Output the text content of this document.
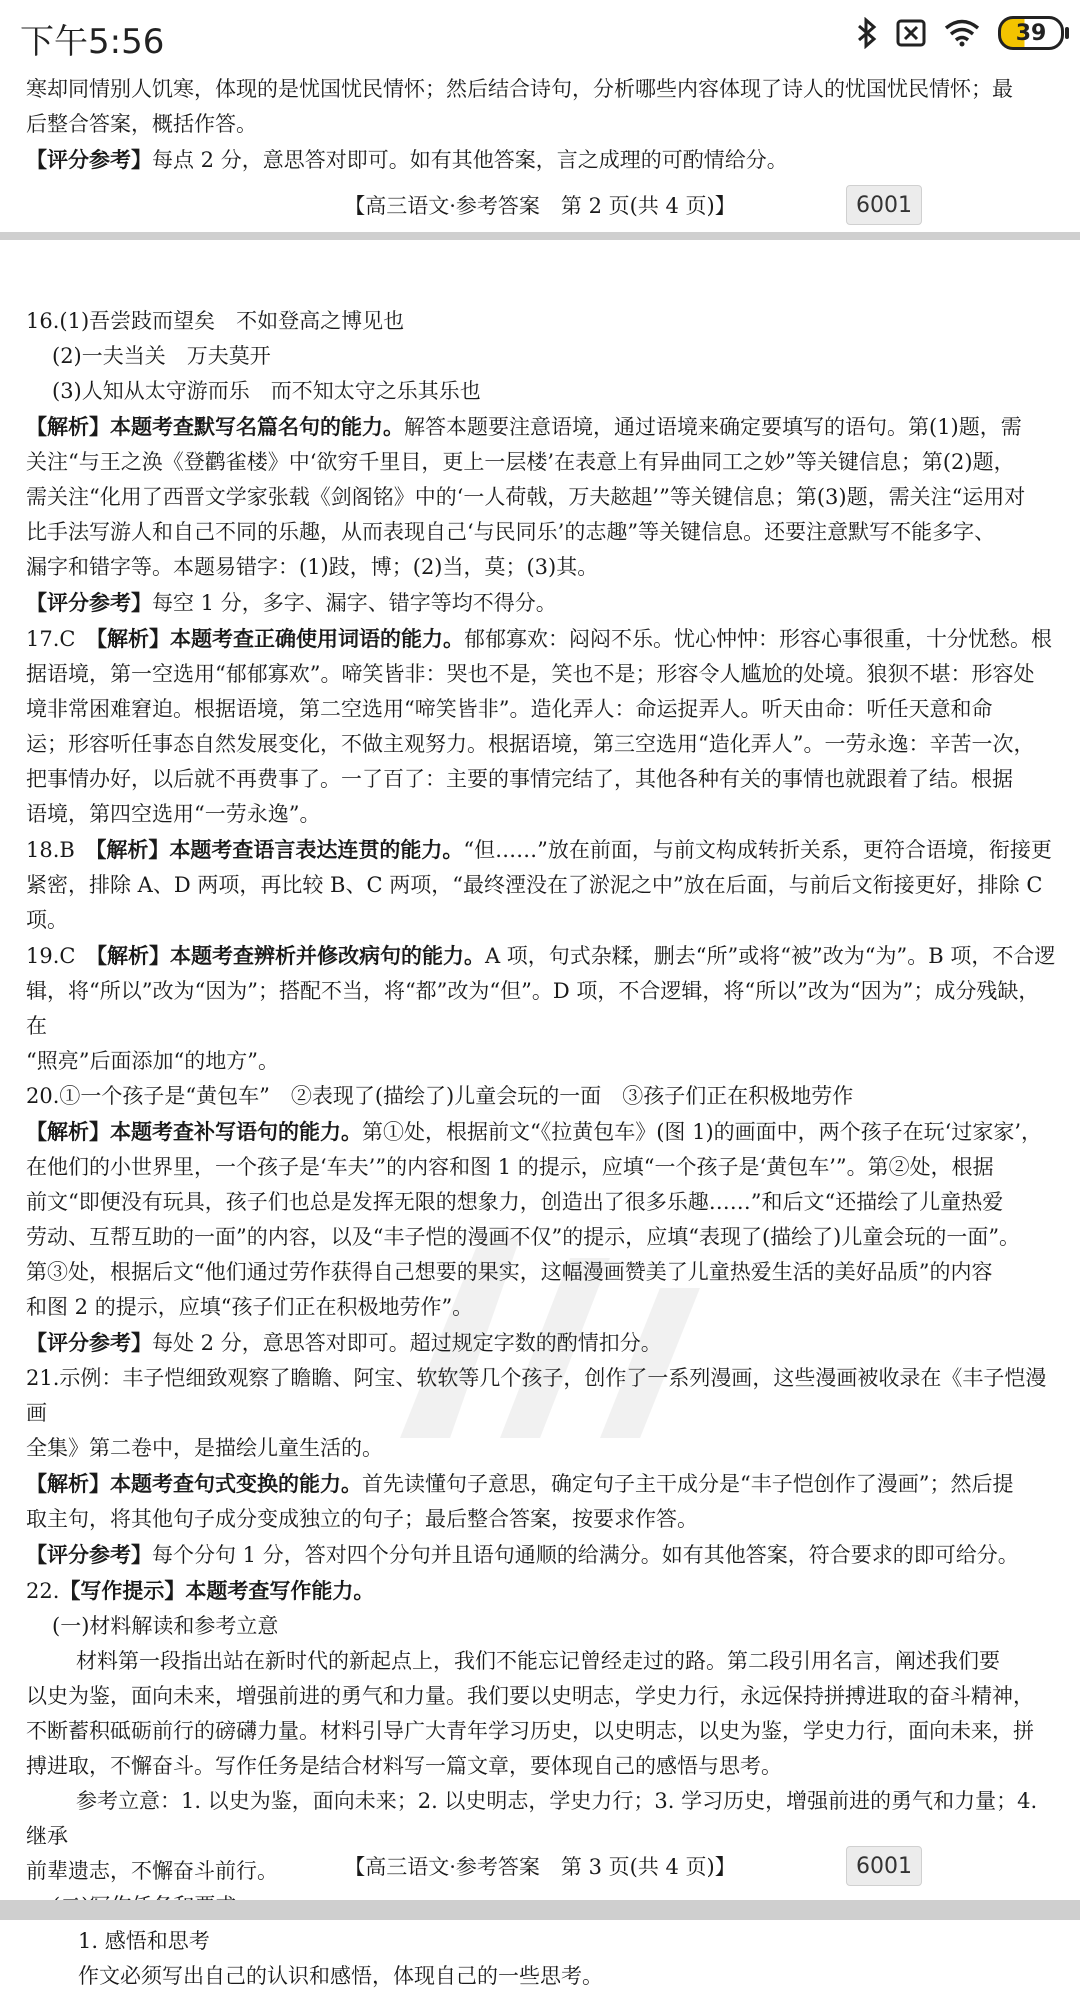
下午5:56	39

寒却同情别人饥寒，体现的是忧国忧民情怀；然后结合诗句，分析哪些内容体现了诗人的忧国忧民情怀；最

后整合答案，概括作答。

【评分参考】每点 2 分，意思答对即可。如有其他答案，言之成理的可酌情给分。

【高三语文·参考答案　第 2 页(共 4 页)】	6001

16.(1)吾尝跂而望矣　不如登高之博见也

(2)一夫当关　万夫莫开

(3)人知从太守游而乐　而不知太守之乐其乐也

【解析】本题考查默写名篇名句的能力。解答本题要注意语境，通过语境来确定要填写的语句。第(1)题，需

关注“与王之涣《登鹳雀楼》中‘欲穷千里目，更上一层楼’在表意上有异曲同工之妙”等关键信息；第(2)题，

需关注“化用了西晋文学家张载《剑阁铭》中的‘一人荷戟，万夫趑趄’”等关键信息；第(3)题，需关注“运用对

比手法写游人和自己不同的乐趣，从而表现自己‘与民同乐’的志趣”等关键信息。还要注意默写不能多字、

漏字和错字等。本题易错字：(1)跂，博；(2)当，莫；(3)其。

【评分参考】每空 1 分，多字、漏字、错字等均不得分。

17.C　【解析】本题考查正确使用词语的能力。郁郁寡欢：闷闷不乐。忧心忡忡：形容心事很重，十分忧愁。根

据语境，第一空选用“郁郁寡欢”。啼笑皆非：哭也不是，笑也不是；形容令人尴尬的处境。狼狈不堪：形容处

境非常困难窘迫。根据语境，第二空选用“啼笑皆非”。造化弄人：命运捉弄人。听天由命：听任天意和命

运；形容听任事态自然发展变化，不做主观努力。根据语境，第三空选用“造化弄人”。一劳永逸：辛苦一次，

把事情办好，以后就不再费事了。一了百了：主要的事情完结了，其他各种有关的事情也就跟着了结。根据

语境，第四空选用“一劳永逸”。

18.B　【解析】本题考查语言表达连贯的能力。“但……”放在前面，与前文构成转折关系，更符合语境，衔接更

紧密，排除 A、D 两项，再比较 B、C 两项，“最终湮没在了淤泥之中”放在后面，与前后文衔接更好，排除 C 项。

19.C　【解析】本题考查辨析并修改病句的能力。A 项，句式杂糅，删去“所”或将“被”改为“为”。B 项，不合逻

辑，将“所以”改为“因为”；搭配不当，将“都”改为“但”。D 项，不合逻辑，将“所以”改为“因为”；成分残缺，在

“照亮”后面添加“的地方”。

20.①一个孩子是“黄包车”　②表现了(描绘了)儿童会玩的一面　③孩子们正在积极地劳作

【解析】本题考查补写语句的能力。第①处，根据前文“《拉黄包车》(图 1)的画面中，两个孩子在玩‘过家家’，

在他们的小世界里，一个孩子是‘车夫’”的内容和图 1 的提示，应填“一个孩子是‘黄包车’”。第②处，根据

前文“即便没有玩具，孩子们也总是发挥无限的想象力，创造出了很多乐趣……”和后文“还描绘了儿童热爱

劳动、互帮互助的一面”的内容，以及“丰子恺的漫画不仅”的提示，应填“表现了(描绘了)儿童会玩的一面”。

第③处，根据后文“他们通过劳作获得自己想要的果实，这幅漫画赞美了儿童热爱生活的美好品质”的内容

和图 2 的提示，应填“孩子们正在积极地劳作”。

【评分参考】每处 2 分，意思答对即可。超过规定字数的酌情扣分。

21.示例：丰子恺细致观察了瞻瞻、阿宝、软软等几个孩子，创作了一系列漫画，这些漫画被收录在《丰子恺漫画

全集》第二卷中，是描绘儿童生活的。

【解析】本题考查句式变换的能力。首先读懂句子意思，确定句子主干成分是“丰子恺创作了漫画”；然后提

取主句，将其他句子成分变成独立的句子；最后整合答案，按要求作答。

【评分参考】每个分句 1 分，答对四个分句并且语句通顺的给满分。如有其他答案，符合要求的即可给分。

22.【写作提示】本题考查写作能力。

(一)材料解读和参考立意

材料第一段指出站在新时代的新起点上，我们不能忘记曾经走过的路。第二段引用名言，阐述我们要

以史为鉴，面向未来，增强前进的勇气和力量。我们要以史明志，学史力行，永远保持拼搏进取的奋斗精神，

不断蓄积砥砺前行的磅礴力量。材料引导广大青年学习历史，以史明志，以史为鉴，学史力行，面向未来，拼

搏进取，不懈奋斗。写作任务是结合材料写一篇文章，要体现自己的感悟与思考。

参考立意：1. 以史为鉴，面向未来；2. 以史明志，学史力行；3. 学习历史，增强前进的勇气和力量；4. 继承

前辈遗志，不懈奋斗前行。

1. 感悟和思考

作文必须写出自己的认识和感悟，体现自己的一些思考。

【高三语文·参考答案　第 3 页(共 4 页)】	6001
